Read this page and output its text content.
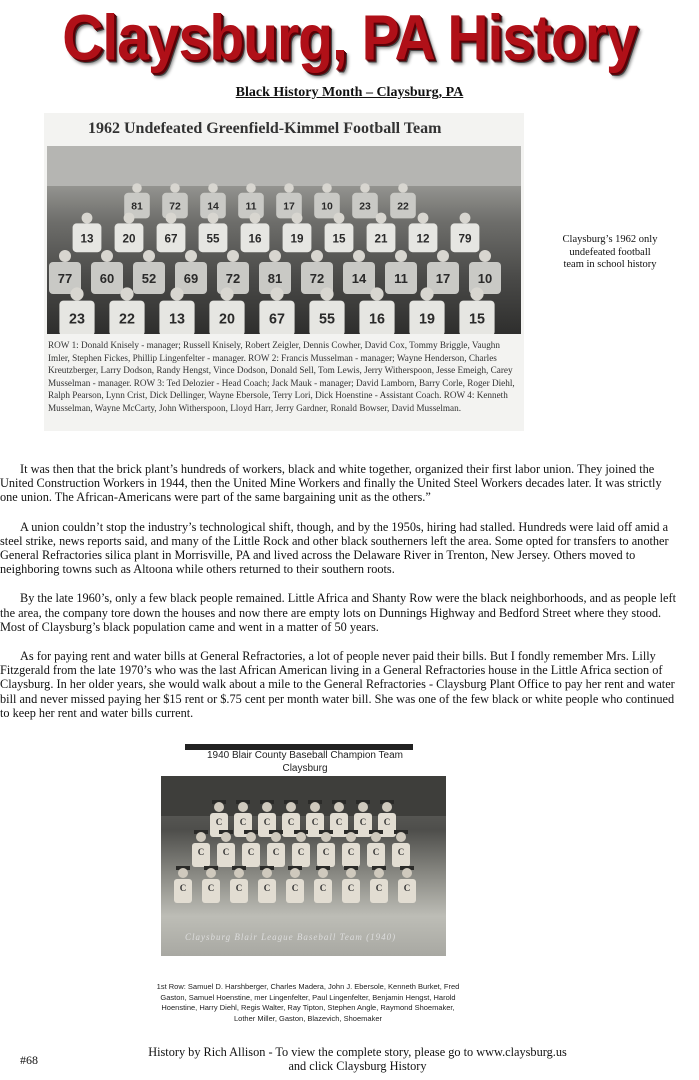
Claysburg, PA History
Black History Month – Claysburg, PA
1962 Undefeated Greenfield-Kimmel Football Team
81	72	14	11	17	10	23	22
13 20 67 55 16 19 15 21 12 79
77 60 52 69 72 81 72 14 11 17 10
23 22 13 20 67 55 16 19 15
ROW 1: Donald Knisely - manager; Russell Knisely, Robert Zeigler, Dennis Cowher, David Cox, Tommy Briggle, Vaughn Imler, Stephen Fickes, Phillip Lingenfelter - manager. ROW 2: Francis Musselman - manager; Wayne Henderson, Charles Kreutzberger, Larry Dodson, Randy Hengst, Vince Dodson, Donald Sell, Tom Lewis, Jerry Witherspoon, Jesse Emeigh, Carey Musselman - manager. ROW 3: Ted Delozier - Head Coach; Jack Mauk - manager; David Lamborn, Barry Corle, Roger Diehl, Ralph Pearson, Lynn Crist, Dick Dellinger, Wayne Ebersole, Terry Lori, Dick Hoenstine - Assistant Coach. ROW 4: Kenneth Musselman, Wayne McCarty, John Witherspoon, Lloyd Harr, Jerry Gardner, Ronald Bowser, David Musselman.
Claysburg’s 1962 only undefeated football team in school history

It was then that the brick plant’s hundreds of workers, black and white together, organized their first labor union. They joined the United Construction Workers in 1944, then the United Mine Workers and finally the United Steel Workers decades later. It was strictly one union. The African-Americans were part of the same bargaining unit as the others.”

A union couldn’t stop the industry’s technological shift, though, and by the 1950s, hiring had stalled. Hundreds were laid off amid a steel strike, news reports said, and many of the Little Rock and other black southerners left the area. Some opted for transfers to another General Refractories silica plant in Morrisville, PA and lived across the Delaware River in Trenton, New Jersey. Others moved to neighboring towns such as Altoona while others returned to their southern roots.

By the late 1960’s, only a few black people remained. Little Africa and Shanty Row were the black neighborhoods, and as people left the area, the company tore down the houses and now there are empty lots on Dunnings Highway and Bedford Street where they stood. Most of Claysburg’s black population came and went in a matter of 50 years.

As for paying rent and water bills at General Refractories, a lot of people never paid their bills. But I fondly remember Mrs. Lilly Fitzgerald from the late 1970’s who was the last African American living in a General Refractories house in the Little Africa section of Claysburg. In her older years, she would walk about a mile to the General Refractories - Claysburg Plant Office to pay her rent and water bill and never missed paying her $15 rent or $.75 cent per month water bill. She was one of the few black or white people who continued to keep her rent and water bills current.

1940 Blair County Baseball Champion Team
Claysburg
C C C C C C C C
C C C C C C C C C
C C C C C C C C C
Claysburg Blair League Baseball Team (1940)
1st Row: Samuel D. Harshberger, Charles Madera, John J. Ebersole, Kenneth Burket, Fred Gaston, Samuel Hoenstine, mer Lingenfelter, Paul Lingenfelter, Benjamin Hengst, Harold Hoenstine, Harry Diehl, Regis Walter, Ray Tipton, Stephen Angle, Raymond Shoemaker, Lother Miller, Gaston, Blazevich, Shoemaker
#68
History by Rich Allison - To view the complete story, please go to www.claysburg.us
and click Claysburg History
